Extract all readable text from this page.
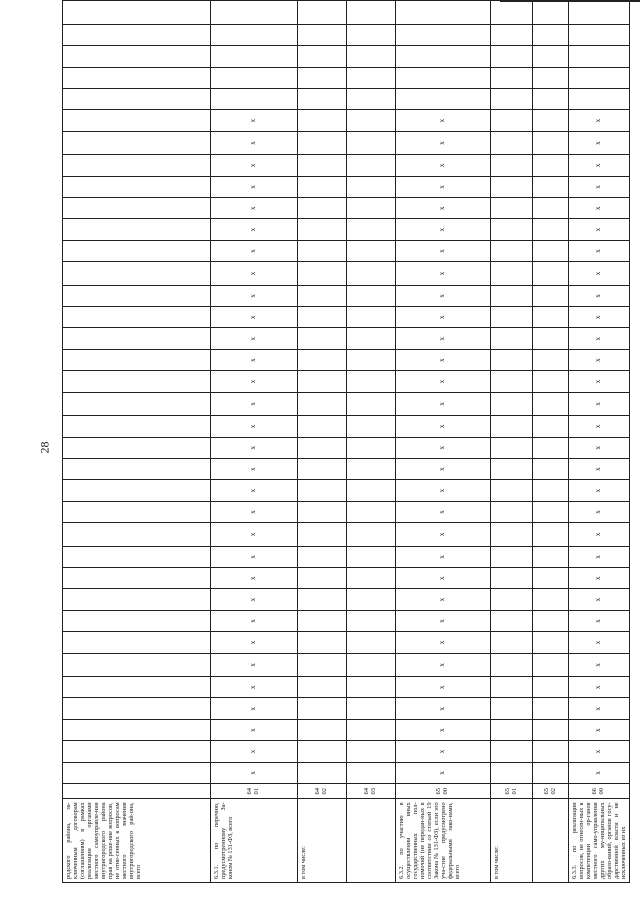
28
родского района, за-ключенным договорам (соглашениям) в рамках реализации органами местного самоуправле-ния внутригородского района прав на реше-ние вопросов, не отне-сенных к вопросам местного значения внутригородского рай-она, всего																																					
6.3.1. по перечню, предусмотренному За-коном № 131-ФЗ, всего	64 01	x	x	x	x	x	x	x	x	x	x	x	x	x	x	x	x	x	x	x	x	x	x	x	x	x	x	x	x	x	x	x					
в том числе:	64 02																																				
	64 03																																				
6.3.2. по участию в осуществлении иных государственных пол-номочий (не передан-ных в соответствии со статьей 19 Закона № 131-ФЗ), если это уча-стие предусмотрено федеральными зако-нами, всего	65 00	x	x	x	x	x	x	x	x	x	x	x	x	x	x	x	x	x	x	x	x	x	x	x	x	x	x	x	x	x	x	x					
в том числе:	65 01																																				
	65 02																																				
6.3.3. по реализации вопросов, не отнесен-ных к компетенции ор-ганов местного само-управления других му-ниципальных образо-ваний, органов госу-дарственной власти и не исключенных из их	66 00	x	x	x	x	x	x	x	x	x	x	x	x	x	x	x	x	x	x	x	x	x	x	x	x	x	x	x	x	x	x	x					
